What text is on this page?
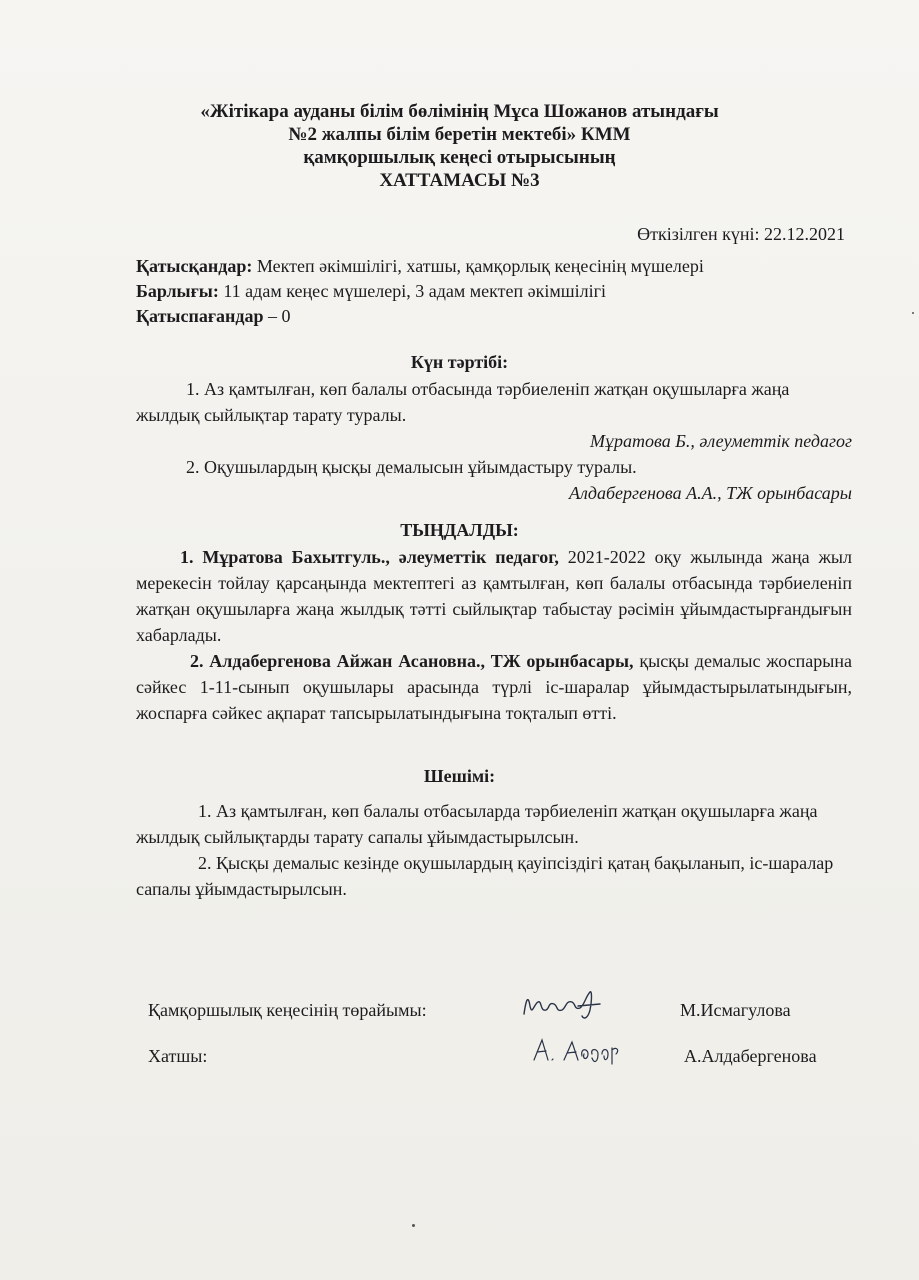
«Жітікара ауданы білім бөлімінің Мұса Шожанов атындағы
№2 жалпы білім беретін мектебі» КММ
қамқоршылық кеңесі отырысының
ХАТТАМАСЫ №3
Өткізілген күні: 22.12.2021
Қатысқандар: Мектеп әкімшілігі, хатшы, қамқорлық кеңесінің мүшелері
Барлығы: 11 адам кеңес мүшелері, 3 адам мектеп әкімшілігі
Қатыспағандар – 0
Күн тәртібі:
1. Аз қамтылған, көп балалы отбасында тәрбиеленіп жатқан оқушыларға жаңа жылдық сыйлықтар тарату туралы.
Мұратова Б., әлеуметтік педагог
2. Оқушылардың қысқы демалысын ұйымдастыру туралы.
Алдабергенова А.А., ТЖ орынбасары
ТЫҢДАЛДЫ:

1. Мұратова Бахытгуль., әлеуметтік педагог, 2021-2022 оқу жылында жаңа жыл мерекесін тойлау қарсаңында мектептегі аз қамтылған, көп балалы отбасында тәрбиеленіп жатқан оқушыларға жаңа жылдық тәтті сыйлықтар табыстау рәсімін ұйымдастырғандығын хабарлады.

2. Алдабергенова Айжан Асановна., ТЖ орынбасары, қысқы демалыс жоспарына сәйкес 1-11-сынып оқушылары арасында түрлі іс-шаралар ұйымдастырылатындығын, жоспарға сәйкес ақпарат тапсырылатындығына тоқталып өтті.

Шешімі:

1. Аз қамтылған, көп балалы отбасыларда тәрбиеленіп жатқан оқушыларға жаңа жылдық сыйлықтарды тарату сапалы ұйымдастырылсын.

2. Қысқы демалыс кезінде оқушылардың қауіпсіздігі қатаң бақыланып, іс-шаралар сапалы ұйымдастырылсын.

Қамқоршылық кеңесінің төрайымы:	М.Исмагулова
Хатшы:	А.Алдабергенова
